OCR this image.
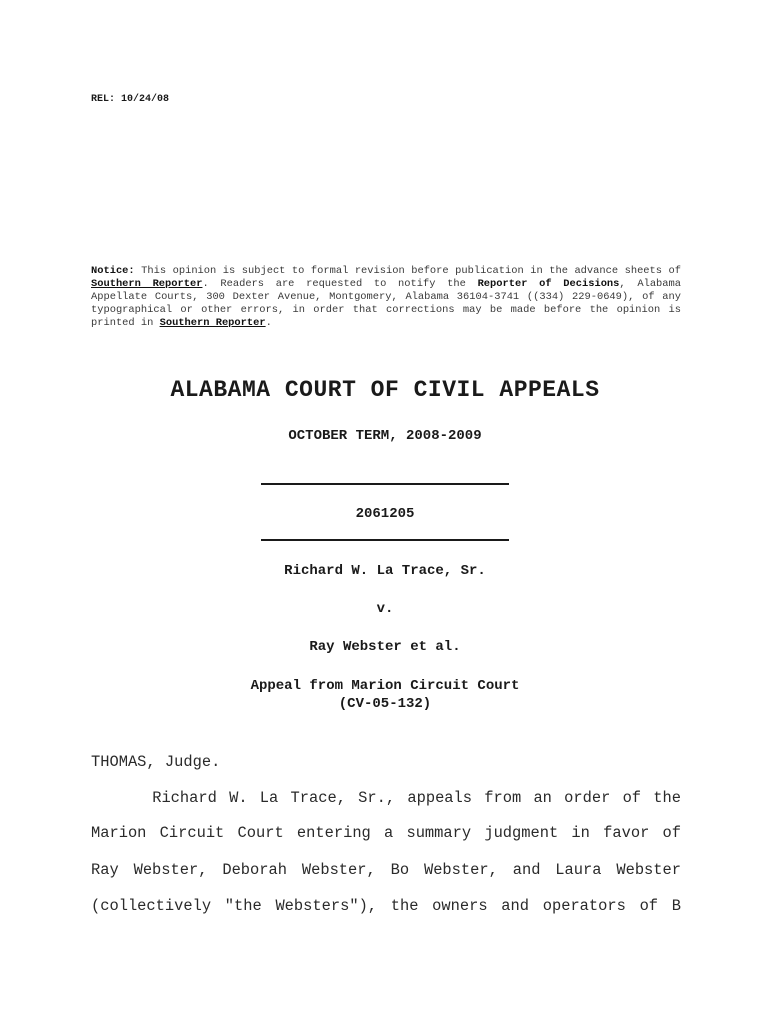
REL: 10/24/08
Notice: This opinion is subject to formal revision before publication in the advance sheets of Southern Reporter. Readers are requested to notify the Reporter of Decisions, Alabama Appellate Courts, 300 Dexter Avenue, Montgomery, Alabama 36104-3741 ((334) 229-0649), of any typographical or other errors, in order that corrections may be made before the opinion is printed in Southern Reporter.
ALABAMA COURT OF CIVIL APPEALS
OCTOBER TERM, 2008-2009
2061205
Richard W. La Trace, Sr.
v.
Ray Webster et al.
Appeal from Marion Circuit Court
(CV-05-132)
THOMAS, Judge.
Richard W. La Trace, Sr., appeals from an order of the
Marion Circuit Court entering a summary judgment in favor of
Ray Webster, Deborah Webster, Bo Webster, and Laura Webster
(collectively "the Websters"), the owners and operators of B
